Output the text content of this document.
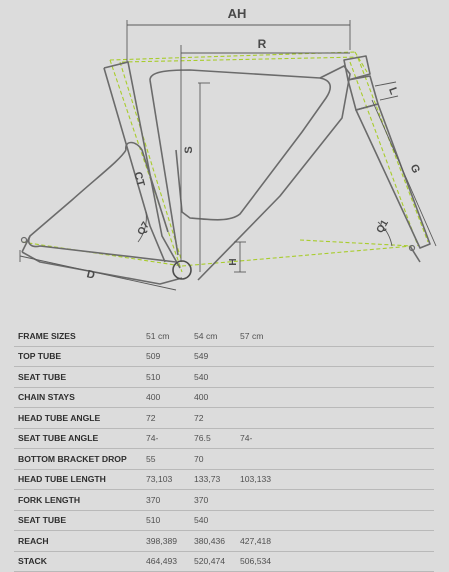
AH
R
S
CT
Q7
L
G
Q1
H
D
FRAME SIZES	51 cm	54 cm	57 cm
TOP TUBE	509	549	
SEAT TUBE	510	540	
CHAIN STAYS	400	400	
HEAD TUBE ANGLE	72	72	
SEAT TUBE ANGLE	74-	76.5	74-
BOTTOM BRACKET DROP	55	70	
HEAD TUBE LENGTH	73,103	133,73	103,133
FORK LENGTH	370	370	
SEAT TUBE	510	540	
REACH	398,389	380,436	427,418
STACK	464,493	520,474	506,534
